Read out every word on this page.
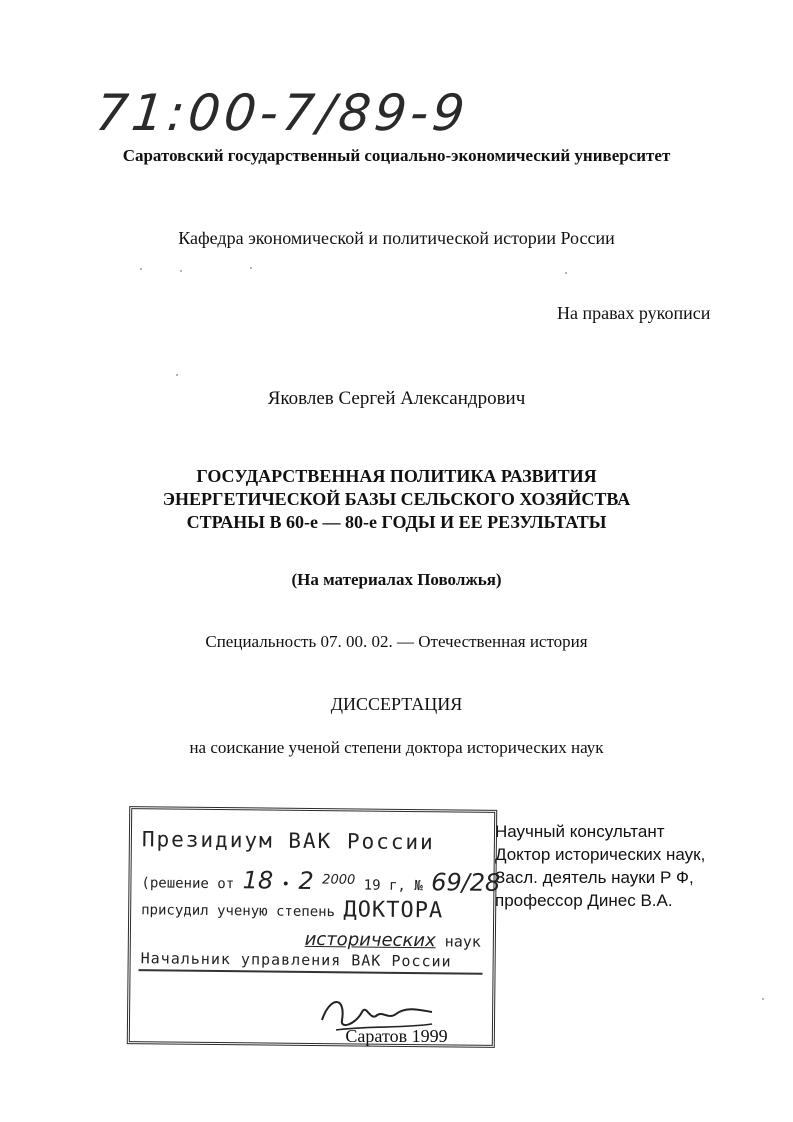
71:00-7/89-9
Саратовский государственный социально-экономический университет
Кафедра экономической и политической истории России
На правах рукописи
Яковлев Сергей Александрович
ГОСУДАРСТВЕННАЯ ПОЛИТИКА РАЗВИТИЯ
ЭНЕРГЕТИЧЕСКОЙ БАЗЫ СЕЛЬСКОГО ХОЗЯЙСТВА
СТРАНЫ В 60-е — 80-е ГОДЫ И ЕЕ РЕЗУЛЬТАТЫ
(На материалах Поволжья)
Специальность 07. 00. 02. — Отечественная история
ДИССЕРТАЦИЯ
на соискание ученой степени доктора исторических наук
Научный консультант
Доктор исторических наук,
Засл. деятель науки Р Ф,
профессор Динес В.А.
Президиум ВАК России
(решение от 18 • 2 2000 19 г, № 69/28
присудил ученую степень ДОКТОРА
исторических наук
Начальник управления ВАК России
Саратов 1999
